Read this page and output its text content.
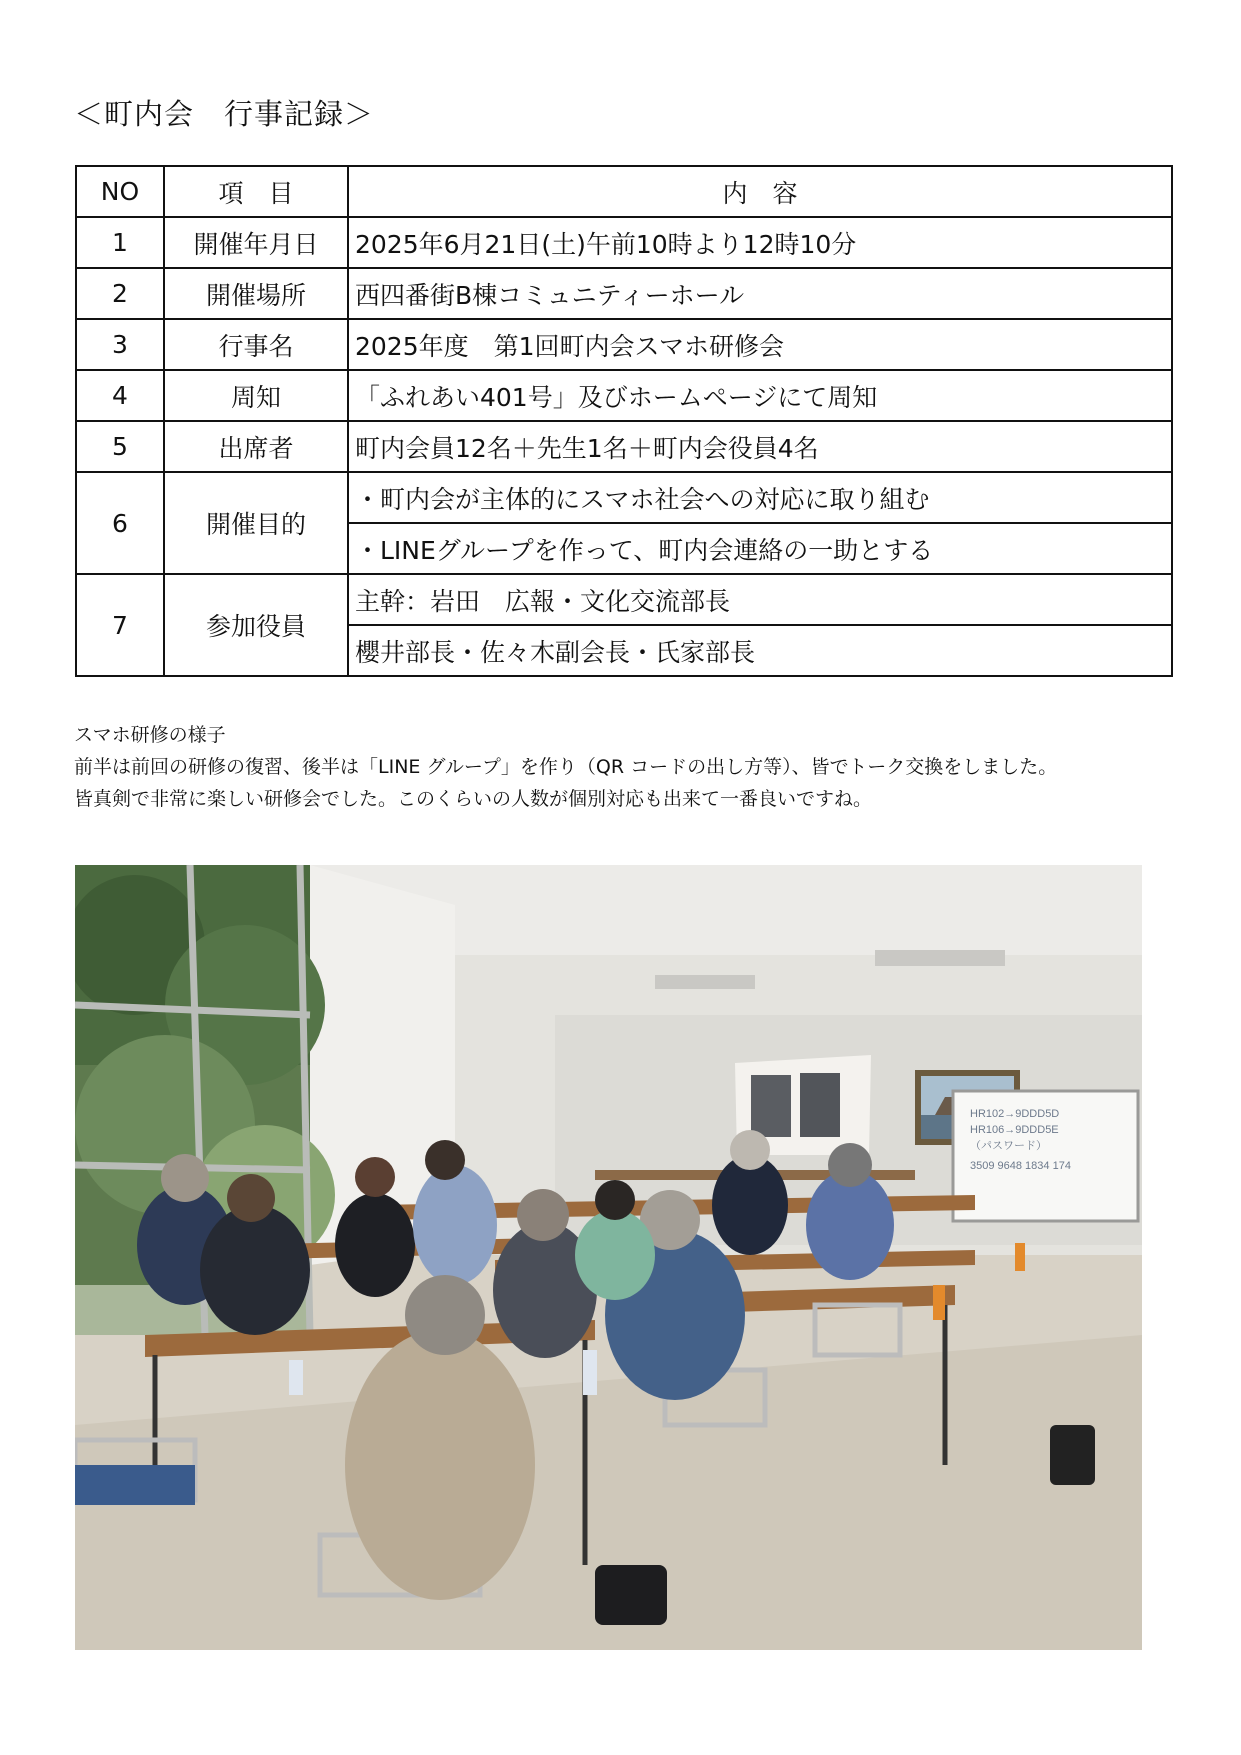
＜町内会　行事記録＞
NO	項　目	内　容
1	開催年月日	2025年6月21日(土)午前10時より12時10分
2	開催場所	西四番街B棟コミュニティーホール
3	行事名	2025年度　第1回町内会スマホ研修会
4	周知	「ふれあい401号」及びホームページにて周知
5	出席者	町内会員12名＋先生1名＋町内会役員4名
6	開催目的	・町内会が主体的にスマホ社会への対応に取り組む
		・LINEグループを作って、町内会連絡の一助とする
7	参加役員	主幹：岩田　広報・文化交流部長
		櫻井部長・佐々木副会長・氏家部長
スマホ研修の様子
前半は前回の研修の復習、後半は「LINE グループ」を作り（QR コードの出し方等）、皆でトーク交換をしました。
皆真剣で非常に楽しい研修会でした。このくらいの人数が個別対応も出来て一番良いですね。
HR102→9DDD5D
HR106→9DDD5E
（パスワード）
3509 9648 1834 174
